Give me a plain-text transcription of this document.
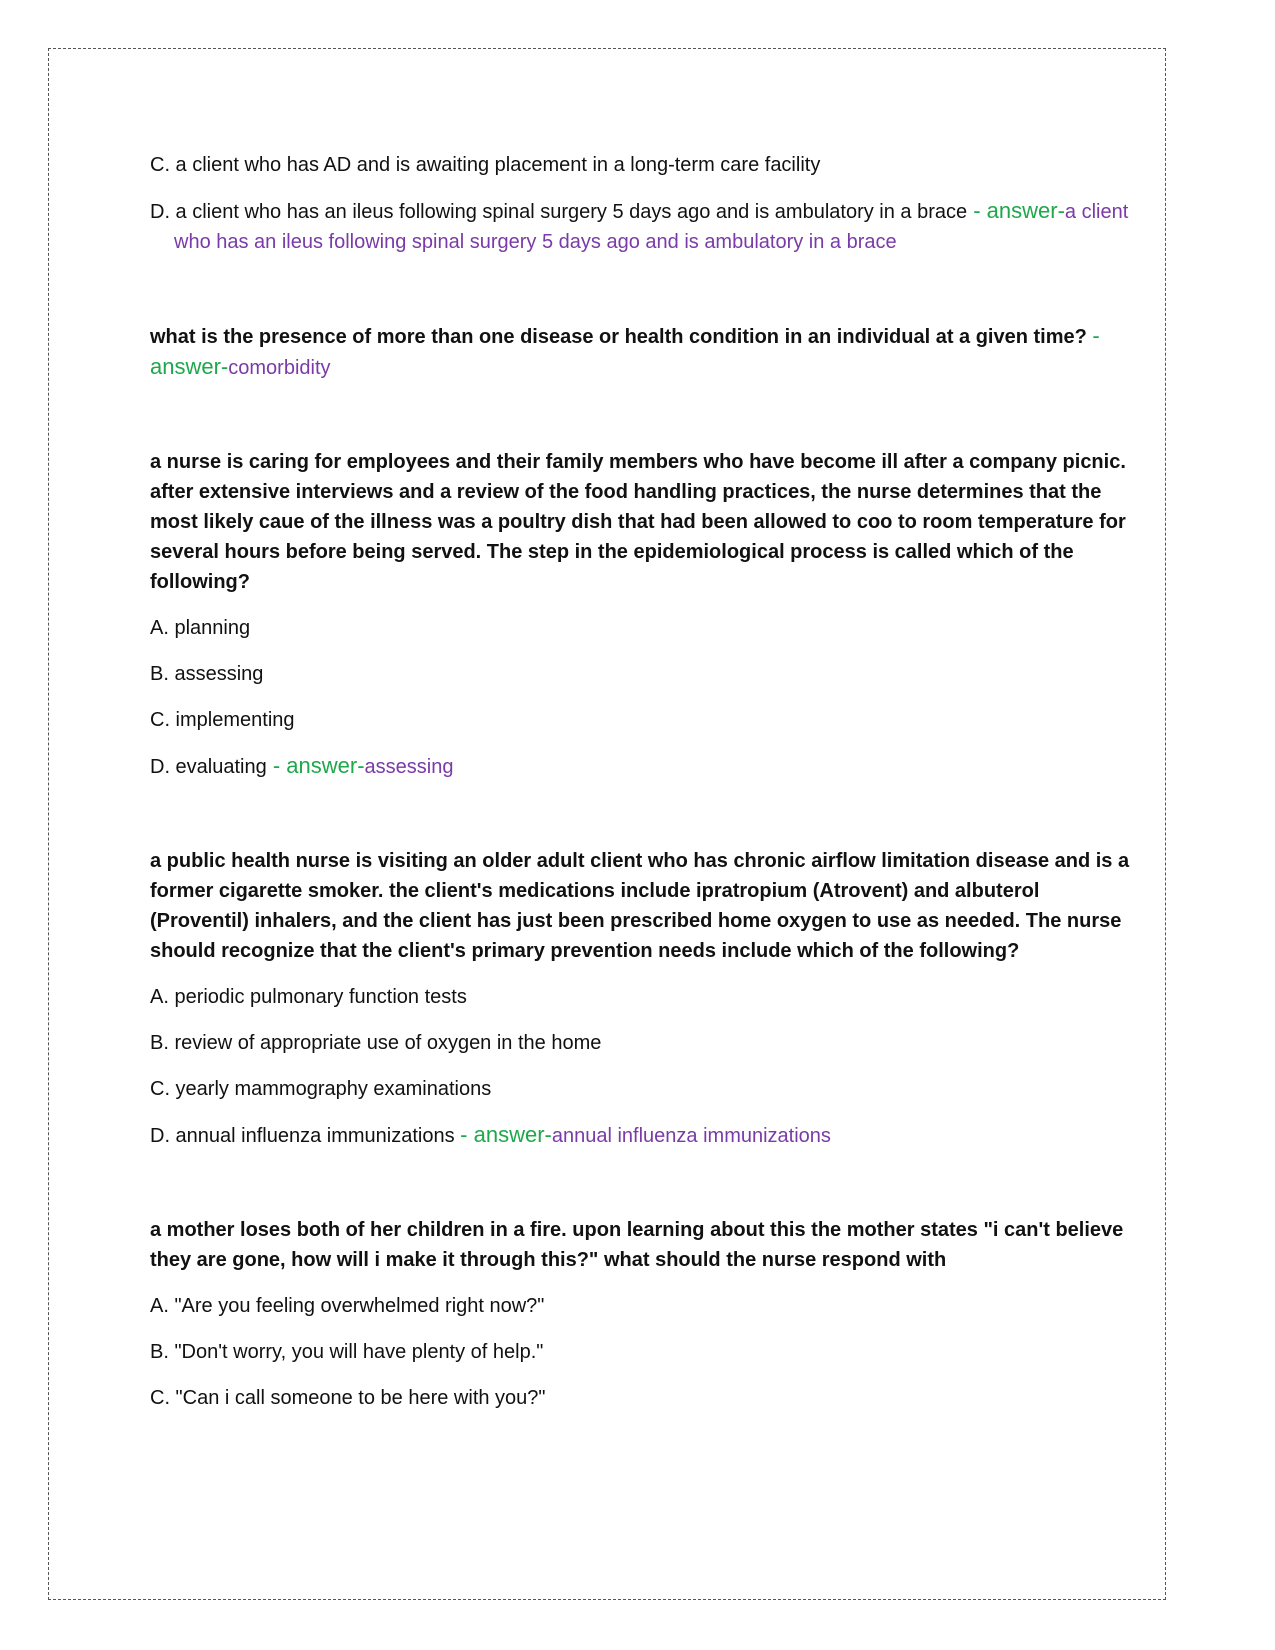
C. a client who has AD and is awaiting placement in a long-term care facility

D. a client who has an ileus following spinal surgery 5 days ago and is ambulatory in a brace - answer-a client who has an ileus following spinal surgery 5 days ago and is ambulatory in a brace

what is the presence of more than one disease or health condition in an individual at a given time? - answer-comorbidity

a nurse is caring for employees and their family members who have become ill after a company picnic. after extensive interviews and a review of the food handling practices, the nurse determines that the most likely caue of the illness was a poultry dish that had been allowed to coo to room temperature for several hours before being served. The step in the epidemiological process is called which of the following?

A. planning

B. assessing

C. implementing

D. evaluating - answer-assessing

a public health nurse is visiting an older adult client who has chronic airflow limitation disease and is a former cigarette smoker. the client's medications include ipratropium (Atrovent) and albuterol (Proventil) inhalers, and the client has just been prescribed home oxygen to use as needed. The nurse should recognize that the client's primary prevention needs include which of the following?

A. periodic pulmonary function tests

B. review of appropriate use of oxygen in the home

C. yearly mammography examinations

D. annual influenza immunizations - answer-annual influenza immunizations

a mother loses both of her children in a fire. upon learning about this the mother states "i can't believe they are gone, how will i make it through this?" what should the nurse respond with

A. "Are you feeling overwhelmed right now?"

B. "Don't worry, you will have plenty of help."

C. "Can i call someone to be here with you?"
